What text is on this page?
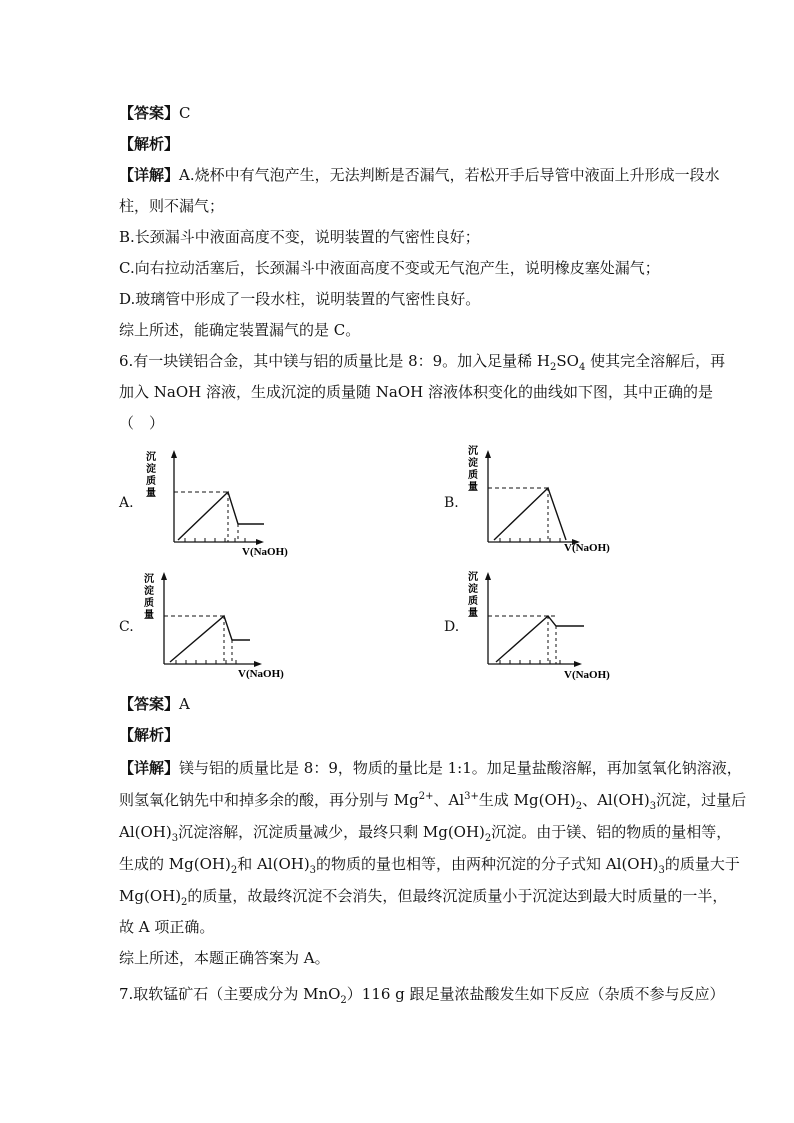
【答案】C
【解析】
【详解】A.烧杯中有气泡产生，无法判断是否漏气，若松开手后导管中液面上升形成一段水
柱，则不漏气；
B.长颈漏斗中液面高度不变，说明装置的气密性良好；
C.向右拉动活塞后，长颈漏斗中液面高度不变或无气泡产生，说明橡皮塞处漏气；
D.玻璃管中形成了一段水柱，说明装置的气密性良好。
综上所述，能确定装置漏气的是 C。
6.有一块镁铝合金，其中镁与铝的质量比是 8：9。加入足量稀 $H_2SO_4$ 使其完全溶解后，再
加入 NaOH 溶液，生成沉淀的质量随 NaOH 溶液体积变化的曲线如下图，其中正确的是
（　）
A.
沉
淀
质
量
V(NaOH)
B.
沉
淀
质
量
V(NaOH)
C.
沉
淀
质
量
V(NaOH)
D.
沉
淀
质
量
V(NaOH)
【答案】A
【解析】
【详解】镁与铝的质量比是 8：9，物质的量比是 1:1。加足量盐酸溶解，再加氢氧化钠溶液，
则氢氧化钠先中和掉多余的酸，再分别与 $Mg^{2+}$、$Al^{3+}$生成 $Mg(OH)_2$、$Al(OH)_3$沉淀，过量后
$Al(OH)_3$沉淀溶解，沉淀质量减少，最终只剩 $Mg(OH)_2$沉淀。由于镁、铝的物质的量相等，
生成的 $Mg(OH)_2$和 $Al(OH)_3$的物质的量也相等，由两种沉淀的分子式知 $Al(OH)_3$的质量大于
$Mg(OH)_2$的质量，故最终沉淀不会消失，但最终沉淀质量小于沉淀达到最大时质量的一半，
故 A 项正确。
综上所述，本题正确答案为 A。
7.取软锰矿石（主要成分为 MnO$_2$）116 g 跟足量浓盐酸发生如下反应（杂质不参与反应）
